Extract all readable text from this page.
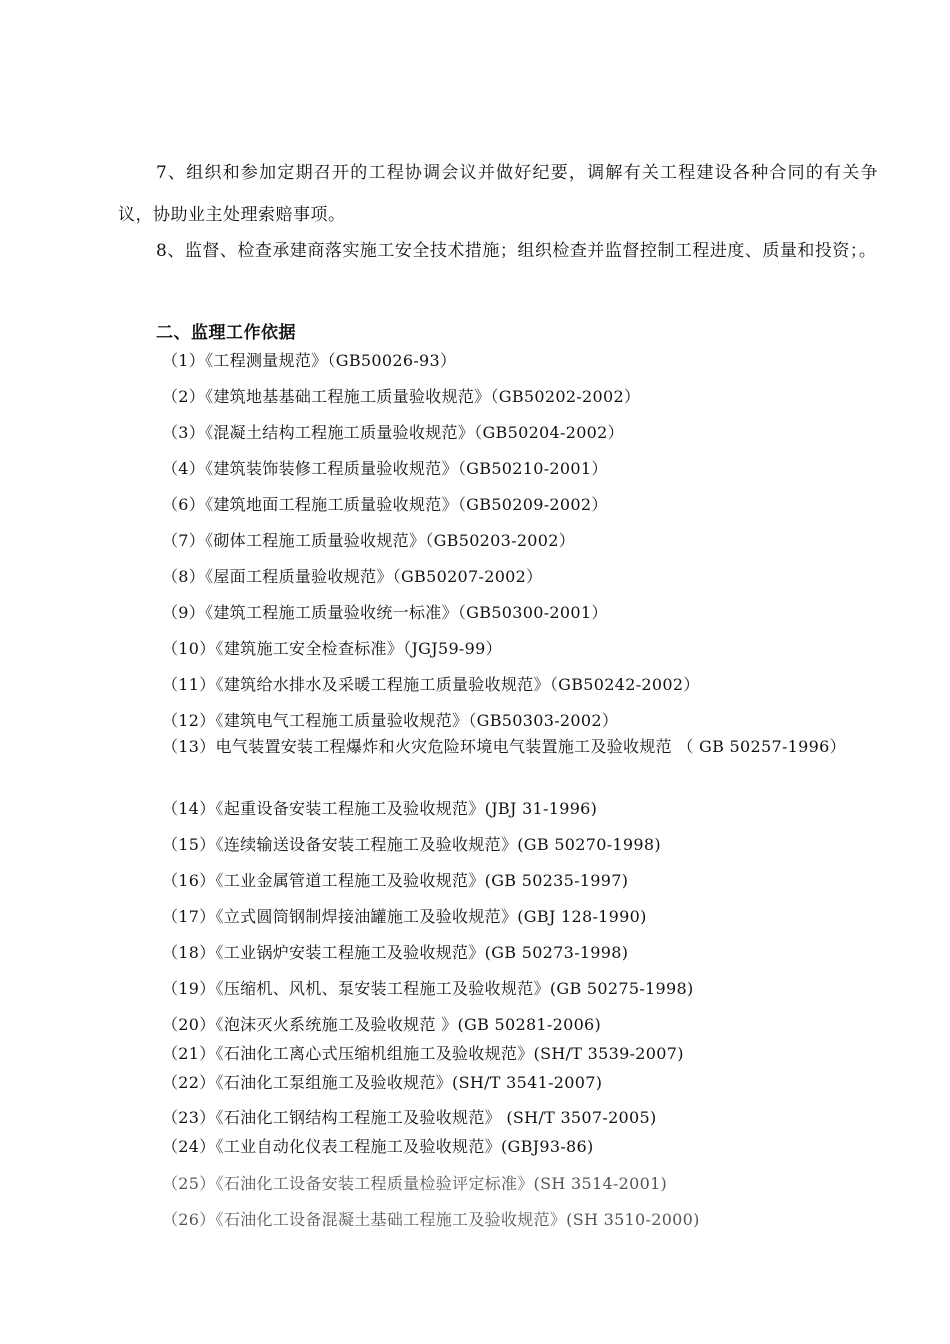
7、组织和参加定期召开的工程协调会议并做好纪要，调解有关工程建设各种合同的有关争议，协助业主处理索赔事项。
8、监督、检查承建商落实施工安全技术措施；组织检查并监督控制工程进度、质量和投资；。
二、监理工作依据
（1）《工程测量规范》（GB50026-93）
（2）《建筑地基基础工程施工质量验收规范》（GB50202-2002）
（3）《混凝土结构工程施工质量验收规范》（GB50204-2002）
（4）《建筑装饰装修工程质量验收规范》（GB50210-2001）
（6）《建筑地面工程施工质量验收规范》（GB50209-2002）
（7）《砌体工程施工质量验收规范》（GB50203-2002）
（8）《屋面工程质量验收规范》（GB50207-2002）
（9）《建筑工程施工质量验收统一标准》（GB50300-2001）
（10）《建筑施工安全检查标准》（JGJ59-99）
（11）《建筑给水排水及采暖工程施工质量验收规范》（GB50242-2002）
（12）《建筑电气工程施工质量验收规范》（GB50303-2002）
（13）电气装置安装工程爆炸和火灾危险环境电气装置施工及验收规范 （ GB 50257-1996）
（14）《起重设备安装工程施工及验收规范》(JBJ 31-1996)
（15）《连续输送设备安装工程施工及验收规范》(GB 50270-1998)
（16）《工业金属管道工程施工及验收规范》(GB 50235-1997)
（17）《立式圆筒钢制焊接油罐施工及验收规范》(GBJ 128-1990)
（18）《工业锅炉安装工程施工及验收规范》(GB 50273-1998)
（19）《压缩机、风机、泵安装工程施工及验收规范》(GB 50275-1998)
（20）《泡沫灭火系统施工及验收规范 》(GB 50281-2006)
（21）《石油化工离心式压缩机组施工及验收规范》(SH/T 3539-2007)
（22）《石油化工泵组施工及验收规范》(SH/T 3541-2007)
（23）《石油化工钢结构工程施工及验收规范》 (SH/T 3507-2005)
（24）《工业自动化仪表工程施工及验收规范》(GBJ93-86)
（25）《石油化工设备安装工程质量检验评定标准》(SH 3514-2001)
（26）《石油化工设备混凝土基础工程施工及验收规范》(SH 3510-2000)
